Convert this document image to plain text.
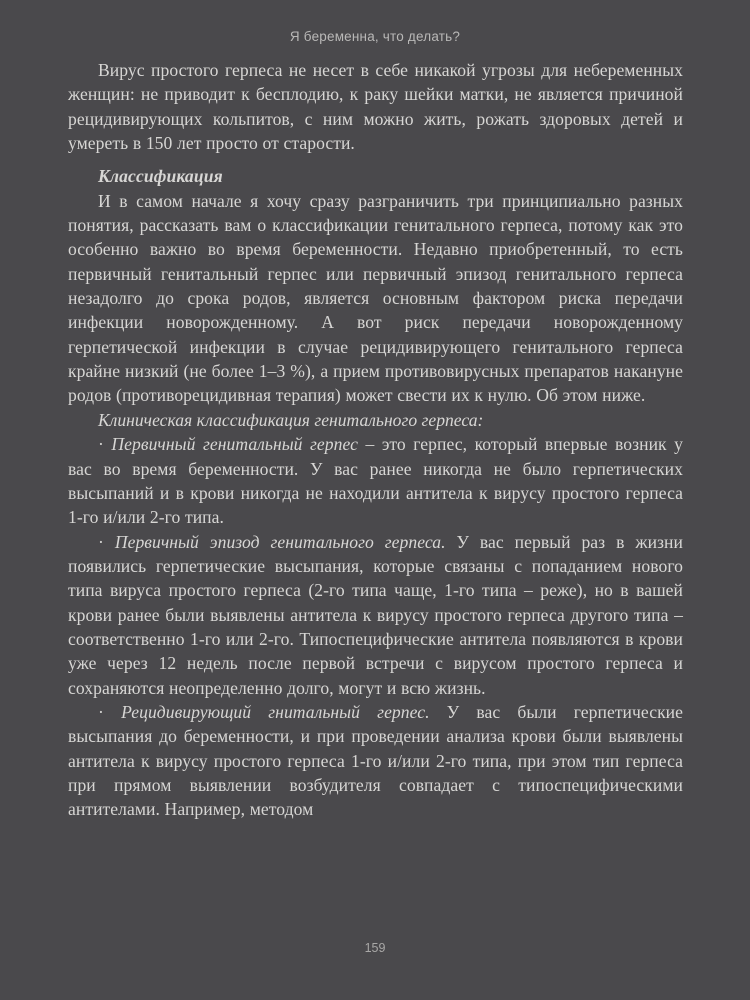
Я беременна, что делать?

Вирус простого герпеса не несет в себе никакой угрозы для небеременных женщин: не приводит к бесплодию, к раку шейки матки, не является причиной рецидивирующих кольпитов, с ним можно жить, рожать здоровых детей и умереть в 150 лет просто от старости.

Классификация

И в самом начале я хочу сразу разграничить три принципиально разных понятия, рассказать вам о классификации генитального герпеса, потому как это особенно важно во время беременности. Недавно приобретенный, то есть первичный генитальный герпес или первичный эпизод генитального герпеса незадолго до срока родов, является основным фактором риска передачи инфекции новорожденному. А вот риск передачи новорожденному герпетической инфекции в случае рецидивирующего генитального герпеса крайне низкий (не более 1–3 %), а прием противовирусных препаратов накануне родов (противорецидивная терапия) может свести их к нулю. Об этом ниже.

Клиническая классификация генитального герпеса:

· Первичный генитальный герпес – это герпес, который впервые возник у вас во время беременности. У вас ранее никогда не было герпетических высыпаний и в крови никогда не находили антитела к вирусу простого герпеса 1-го и/или 2-го типа.

· Первичный эпизод генитального герпеса. У вас первый раз в жизни появились герпетические высыпания, которые связаны с попаданием нового типа вируса простого герпеса (2-го типа чаще, 1-го типа – реже), но в вашей крови ранее были выявлены антитела к вирусу простого герпеса другого типа – соответственно 1-го или 2-го. Типоспецифические антитела появляются в крови уже через 12 недель после первой встречи с вирусом простого герпеса и сохраняются неопределенно долго, могут и всю жизнь.

· Рецидивирующий гнитальный герпес. У вас были герпетические высыпания до беременности, и при проведении анализа крови были выявлены антитела к вирусу простого герпеса 1-го и/или 2-го типа, при этом тип герпеса при прямом выявлении возбудителя совпадает с типоспецифическими антителами. Например, методом

159
